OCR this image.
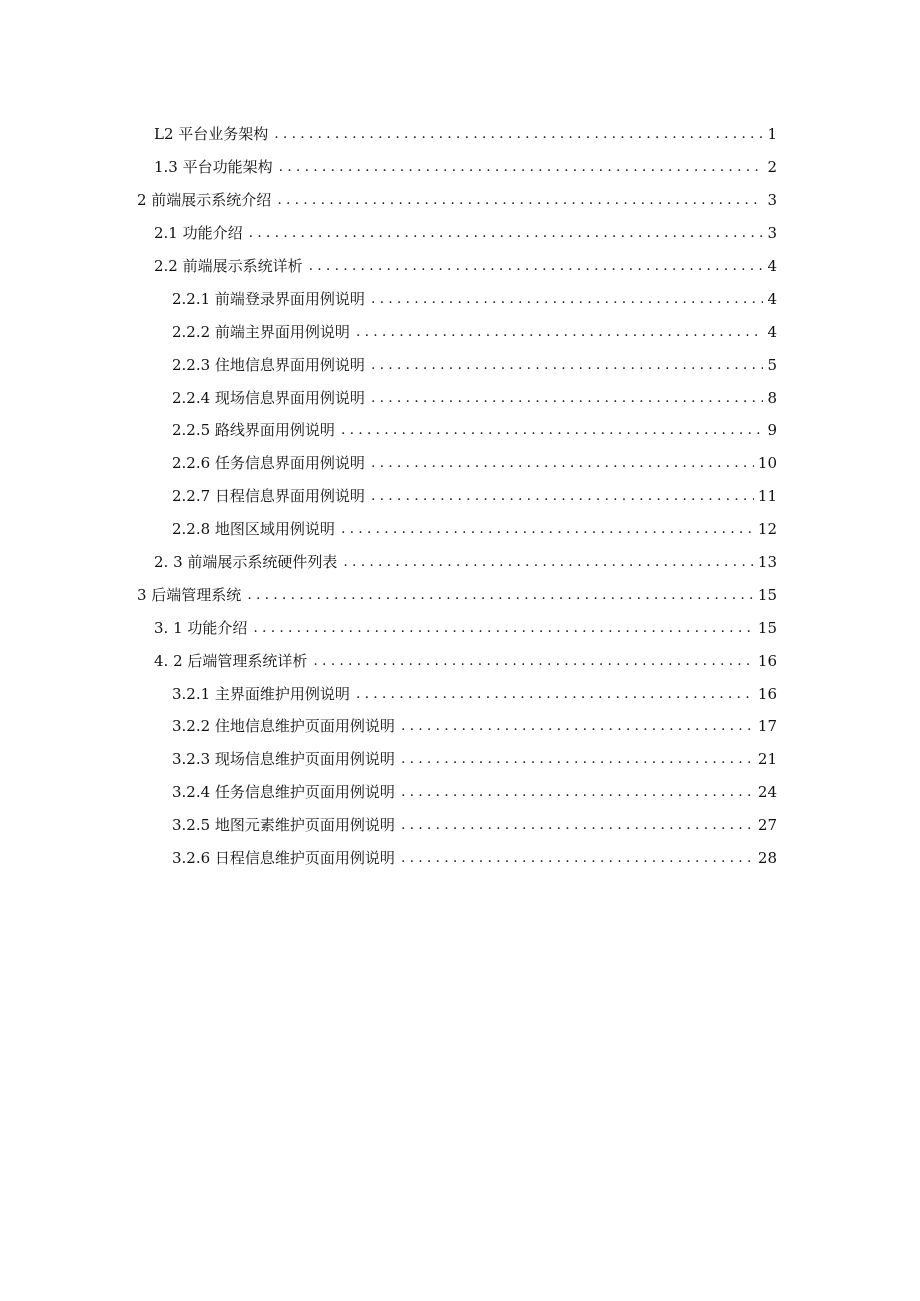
L2 平台业务架构 .....	1
1.3 平台功能架构 .....	2
2 前端展示系统介绍 .....	3
2.1 功能介绍 .....	3
2.2 前端展示系统详析 .....	4
2.2.1 前端登录界面用例说明 .....	4
2.2.2 前端主界面用例说明 .....	4
2.2.3 住地信息界面用例说明 .....	5
2.2.4 现场信息界面用例说明 .....	8
2.2.5 路线界面用例说明 .....	9
2.2.6 任务信息界面用例说明 .....	10
2.2.7 日程信息界面用例说明 .....	11
2.2.8 地图区域用例说明 .....	12
2. 3 前端展示系统硬件列表 .....	13
3 后端管理系统 .....	15
3. 1 功能介绍 .....	15
4. 2 后端管理系统详析 .....	16
3.2.1 主界面维护用例说明 .....	16
3.2.2 住地信息维护页面用例说明 .....	17
3.2.3 现场信息维护页面用例说明 .....	21
3.2.4 任务信息维护页面用例说明 .....	24
3.2.5 地图元素维护页面用例说明 .....	27
3.2.6 日程信息维护页面用例说明 .....	28
